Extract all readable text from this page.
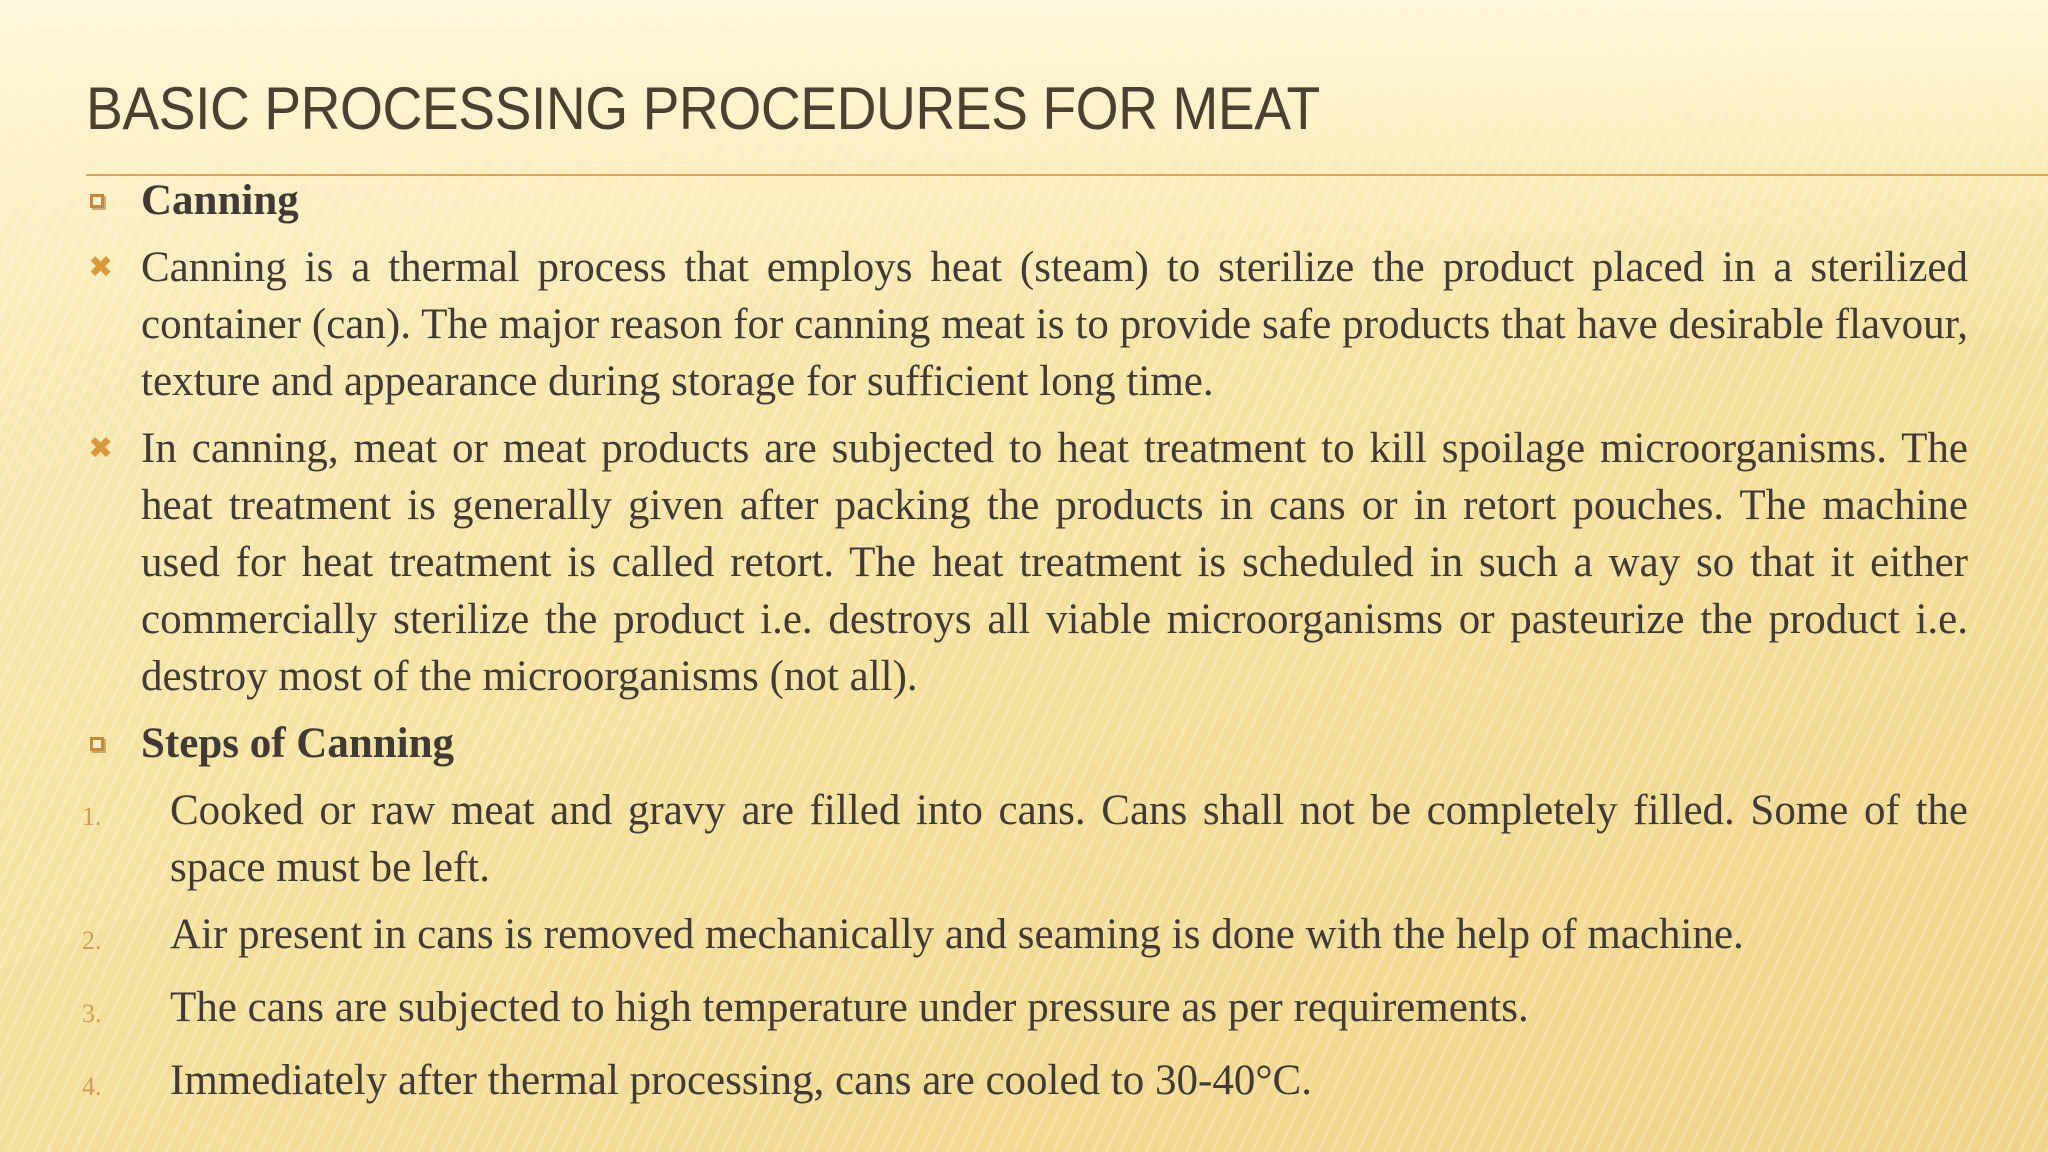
BASIC PROCESSING PROCEDURES FOR MEAT
Canning
✖ Canning is a thermal process that employs heat (steam) to sterilize the product placed in a sterilized container (can). The major reason for canning meat is to provide safe products that have desirable flavour, texture and appearance during storage for sufficient long time.
✖ In canning, meat or meat products are subjected to heat treatment to kill spoilage microorganisms. The heat treatment is generally given after packing the products in cans or in retort pouches. The machine used for heat treatment is called retort. The heat treatment is scheduled in such a way so that it either commercially sterilize the product i.e. destroys all viable microorganisms or pasteurize the product i.e. destroy most of the microorganisms (not all).
Steps of Canning
1.	Cooked or raw meat and gravy are filled into cans. Cans shall not be completely filled. Some of the space must be left.
2.	Air present in cans is removed mechanically and seaming is done with the help of machine.
3.	The cans are subjected to high temperature under pressure as per requirements.
4.	Immediately after thermal processing, cans are cooled to 30-40°C.
